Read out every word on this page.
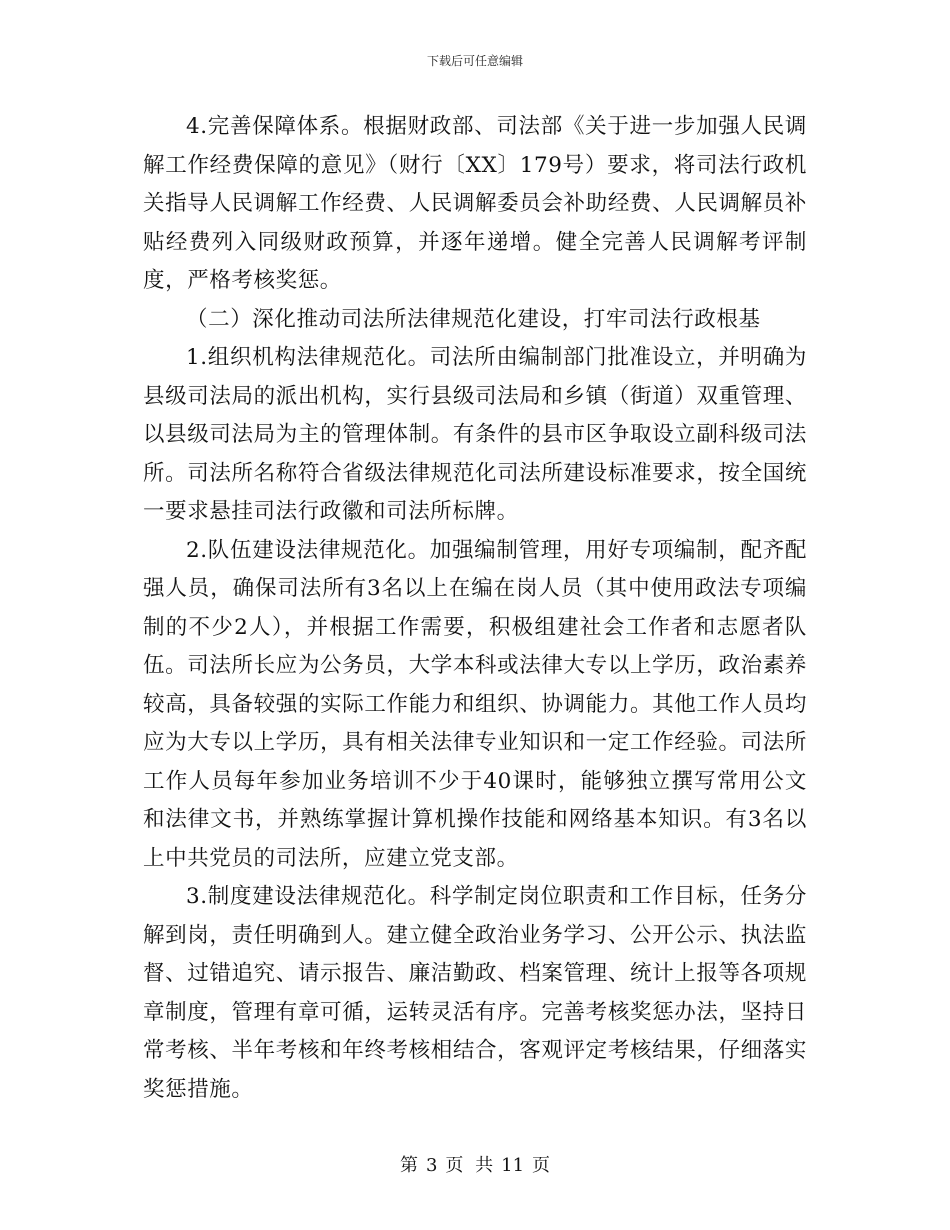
下载后可任意编辑

4.完善保障体系。根据财政部、司法部《关于进一步加强人民调解工作经费保障的意见》（财行〔XX〕179号）要求，将司法行政机关指导人民调解工作经费、人民调解委员会补助经费、人民调解员补贴经费列入同级财政预算，并逐年递增。健全完善人民调解考评制度，严格考核奖惩。

（二）深化推动司法所法律规范化建设，打牢司法行政根基

1.组织机构法律规范化。司法所由编制部门批准设立，并明确为县级司法局的派出机构，实行县级司法局和乡镇（街道）双重管理、以县级司法局为主的管理体制。有条件的县市区争取设立副科级司法所。司法所名称符合省级法律规范化司法所建设标准要求，按全国统一要求悬挂司法行政徽和司法所标牌。

2.队伍建设法律规范化。加强编制管理，用好专项编制，配齐配强人员，确保司法所有3名以上在编在岗人员（其中使用政法专项编制的不少2人），并根据工作需要，积极组建社会工作者和志愿者队伍。司法所长应为公务员，大学本科或法律大专以上学历，政治素养较高，具备较强的实际工作能力和组织、协调能力。其他工作人员均应为大专以上学历，具有相关法律专业知识和一定工作经验。司法所工作人员每年参加业务培训不少于40课时，能够独立撰写常用公文和法律文书，并熟练掌握计算机操作技能和网络基本知识。有3名以上中共党员的司法所，应建立党支部。

3.制度建设法律规范化。科学制定岗位职责和工作目标，任务分解到岗，责任明确到人。建立健全政治业务学习、公开公示、执法监督、过错追究、请示报告、廉洁勤政、档案管理、统计上报等各项规章制度，管理有章可循，运转灵活有序。完善考核奖惩办法，坚持日常考核、半年考核和年终考核相结合，客观评定考核结果，仔细落实奖惩措施。

第 3 页 共 11 页
